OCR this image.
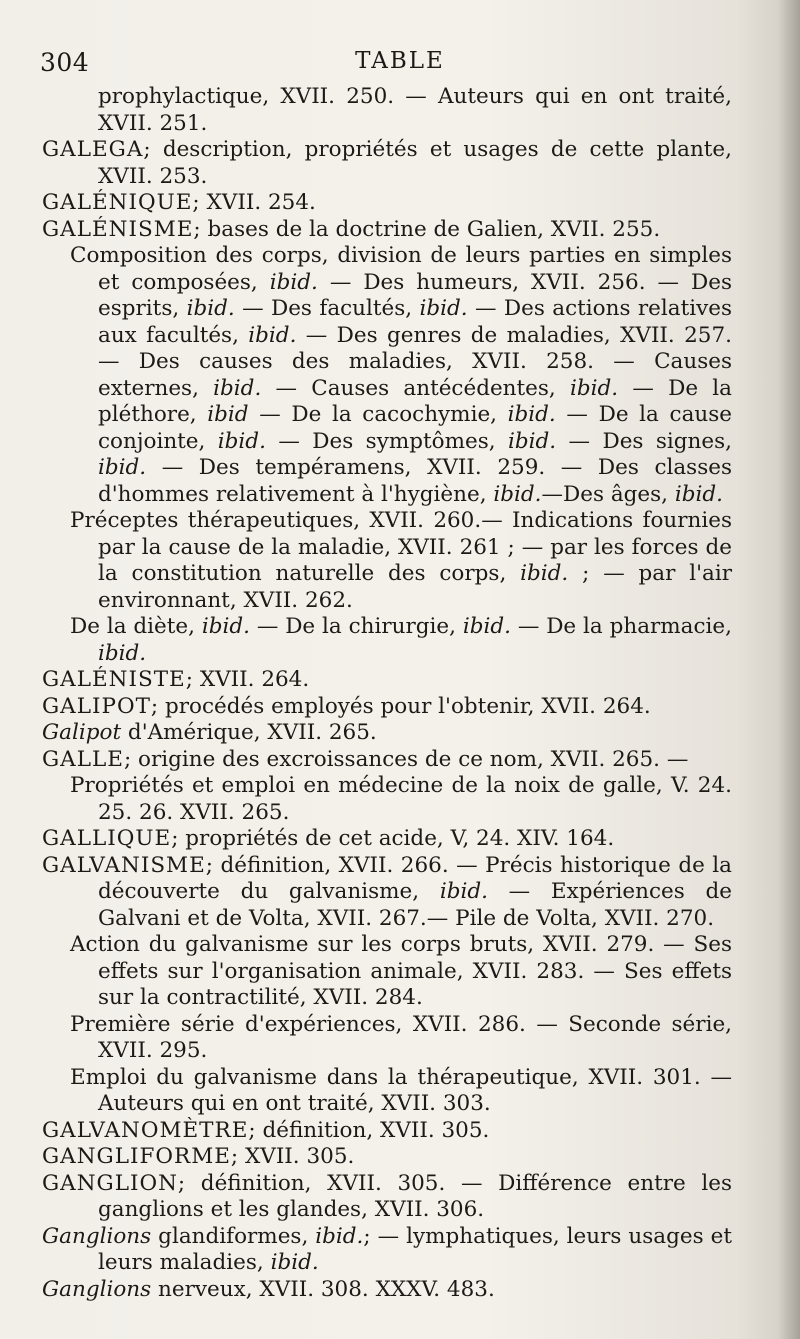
304	TABLE

prophylactique, XVII. 250. — Auteurs qui en ont traité, XVII. 251.

GALEGA; description, propriétés et usages de cette plante, XVII. 253.

GALÉNIQUE; XVII. 254.

GALÉNISME; bases de la doctrine de Galien, XVII. 255.

Composition des corps, division de leurs parties en simples et composées, ibid. — Des humeurs, XVII. 256. — Des esprits, ibid. — Des facultés, ibid. — Des actions relatives aux facultés, ibid. — Des genres de maladies, XVII. 257. — Des causes des maladies, XVII. 258. — Causes externes, ibid. — Causes antécédentes, ibid. — De la pléthore, ibid — De la cacochymie, ibid. — De la cause conjointe, ibid. — Des symptômes, ibid. — Des signes, ibid. — Des tempéramens, XVII. 259. — Des classes d'hommes relativement à l'hygiène, ibid.—Des âges, ibid.

Préceptes thérapeutiques, XVII. 260.— Indications fournies par la cause de la maladie, XVII. 261 ; — par les forces de la constitution naturelle des corps, ibid. ; — par l'air environnant, XVII. 262.

De la diète, ibid. — De la chirurgie, ibid. — De la pharmacie, ibid.

GALÉNISTE; XVII. 264.

GALIPOT; procédés employés pour l'obtenir, XVII. 264.

Galipot d'Amérique, XVII. 265.

GALLE; origine des excroissances de ce nom, XVII. 265. —

Propriétés et emploi en médecine de la noix de galle, V. 24. 25. 26. XVII. 265.

GALLIQUE; propriétés de cet acide, V, 24. XIV. 164.

GALVANISME; définition, XVII. 266. — Précis historique de la découverte du galvanisme, ibid. — Expériences de Galvani et de Volta, XVII. 267.— Pile de Volta, XVII. 270.

Action du galvanisme sur les corps bruts, XVII. 279. — Ses effets sur l'organisation animale, XVII. 283. — Ses effets sur la contractilité, XVII. 284.

Première série d'expériences, XVII. 286. — Seconde série, XVII. 295.

Emploi du galvanisme dans la thérapeutique, XVII. 301. — Auteurs qui en ont traité, XVII. 303.

GALVANOMÈTRE; définition, XVII. 305.

GANGLIFORME; XVII. 305.

GANGLION; définition, XVII. 305. — Différence entre les ganglions et les glandes, XVII. 306.

Ganglions glandiformes, ibid.; — lymphatiques, leurs usages et leurs maladies, ibid.

Ganglions nerveux, XVII. 308. XXXV. 483.
